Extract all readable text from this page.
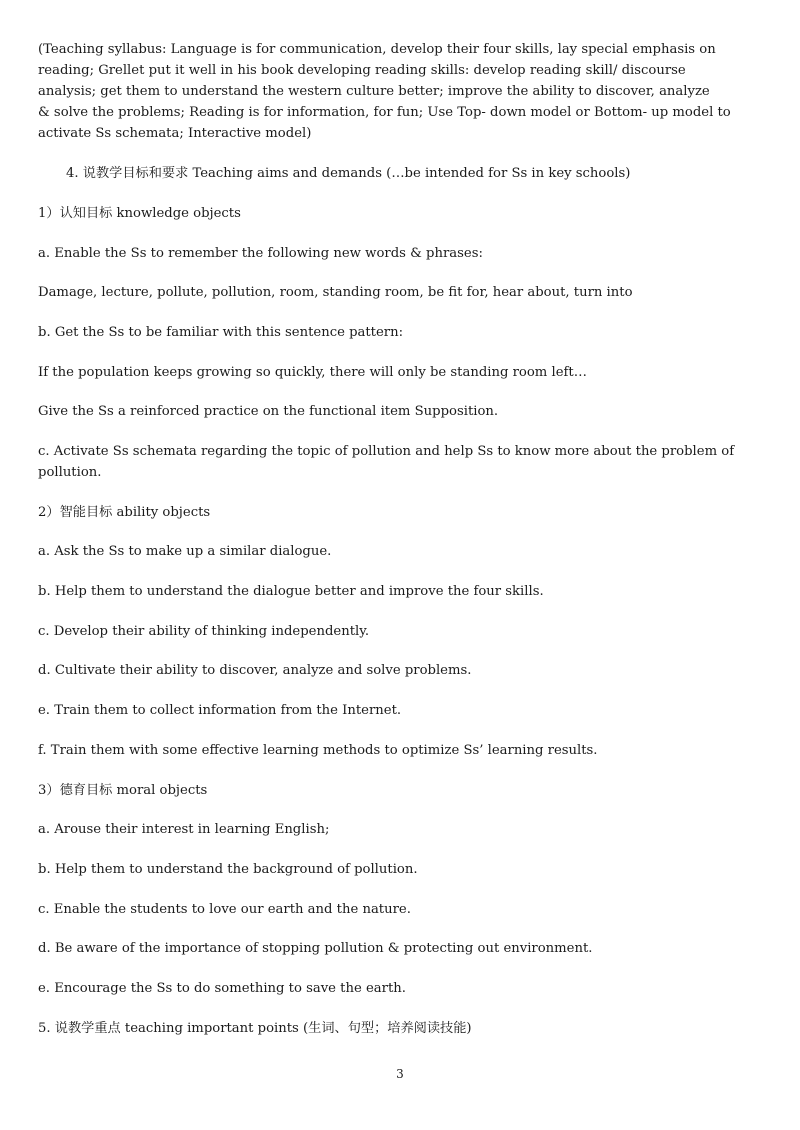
(Teaching syllabus: Language is for communication, develop their four skills, lay special emphasis on
reading; Grellet put it well in his book developing reading skills: develop reading skill/ discourse
analysis; get them to understand the western culture better; improve the ability to discover, analyze
& solve the problems; Reading is for information, for fun; Use Top- down model or Bottom- up model to
activate Ss schemata; Interactive model)
4. 说教学目标和要求 Teaching aims and demands (…be intended for Ss in key schools)
1）认知目标 knowledge objects
a. Enable the Ss to remember the following new words & phrases:
Damage, lecture, pollute, pollution, room, standing room, be fit for, hear about, turn into
b. Get the Ss to be familiar with this sentence pattern:
If the population keeps growing so quickly, there will only be standing room left…
Give the Ss a reinforced practice on the functional item Supposition.
c. Activate Ss schemata regarding the topic of pollution and help Ss to know more about the problem of
pollution.
2）智能目标 ability objects
a. Ask the Ss to make up a similar dialogue.
b. Help them to understand the dialogue better and improve the four skills.
c. Develop their ability of thinking independently.
d. Cultivate their ability to discover, analyze and solve problems.
e. Train them to collect information from the Internet.
f. Train them with some effective learning methods to optimize Ss’ learning results.
3）德育目标 moral objects
a. Arouse their interest in learning English;
b. Help them to understand the background of pollution.
c. Enable the students to love our earth and the nature.
d. Be aware of the importance of stopping pollution & protecting out environment.
e. Encourage the Ss to do something to save the earth.
5. 说教学重点 teaching important points (生词、句型；培养阅读技能)
3
